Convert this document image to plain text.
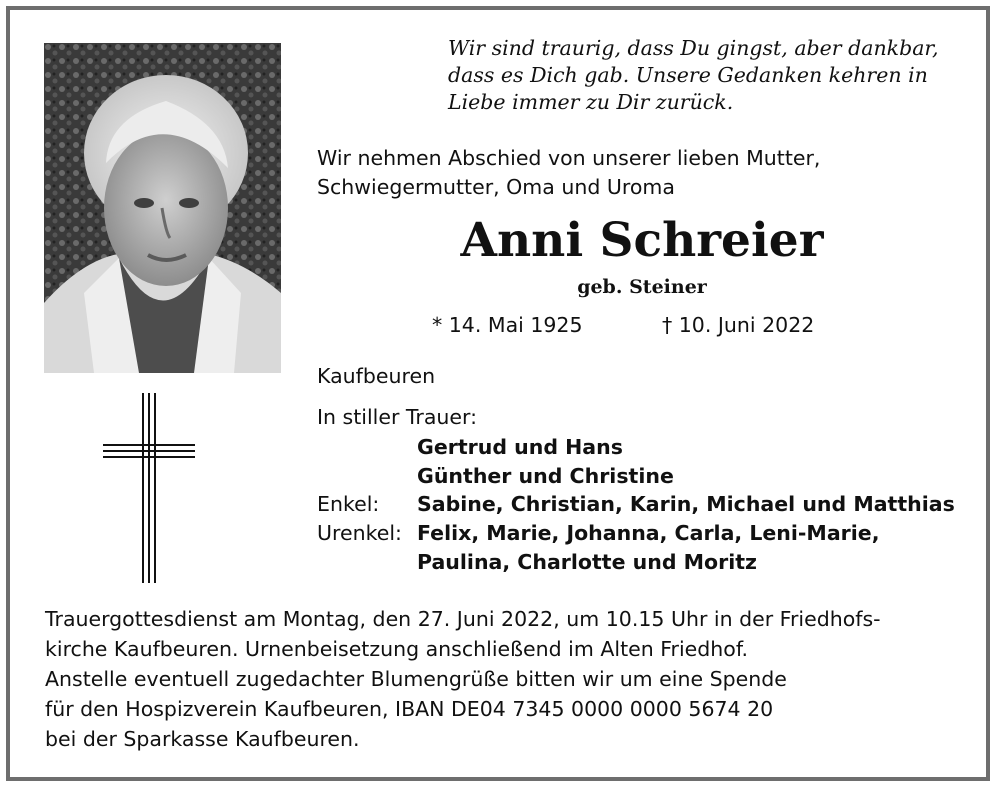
Wir sind traurig, dass Du gingst, aber dankbar,
dass es Dich gab. Unsere Gedanken kehren in
Liebe immer zu Dir zurück.
Wir nehmen Abschied von unserer lieben Mutter,
Schwiegermutter, Oma und Uroma
Anni Schreier
geb. Steiner
* 14. Mai 1925	† 10. Juni 2022
Kaufbeuren
In stiller Trauer:
Gertrud und Hans
Günther und Christine
Enkel: Sabine, Christian, Karin, Michael und Matthias
Urenkel: Felix, Marie, Johanna, Carla, Leni-Marie,
Paulina, Charlotte und Moritz
Trauergottesdienst am Montag, den 27. Juni 2022, um 10.15 Uhr in der Friedhofs-
kirche Kaufbeuren. Urnenbeisetzung anschließend im Alten Friedhof.
Anstelle eventuell zugedachter Blumengrüße bitten wir um eine Spende
für den Hospizverein Kaufbeuren, IBAN DE04 7345 0000 0000 5674 20
bei der Sparkasse Kaufbeuren.
